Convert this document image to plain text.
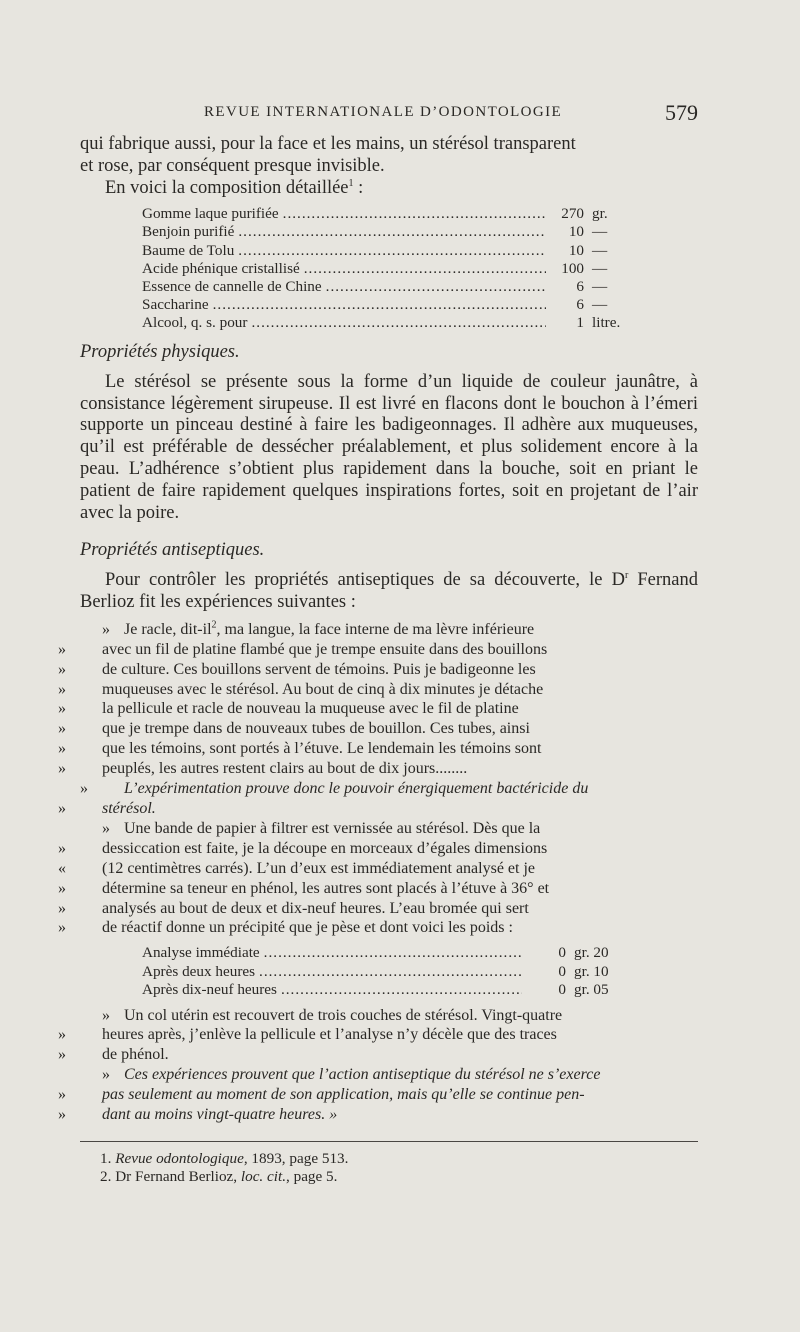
REVUE INTERNATIONALE D’ODONTOLOGIE	579

qui fabrique aussi, pour la face et les mains, un stérésol transparent

et rose, par conséquent presque invisible.

En voici la composition détaillée$^1$ :

Gomme laque purifiée .....	270 gr.
Benjoin purifié .....	10 —
Baume de Tolu .....	10 —
Acide phénique cristallisé .....	100 —
Essence de cannelle de Chine .....	6 —
Saccharine .....	6 —
Alcool, q. s. pour .....	1 litre.

Propriétés physiques.

Le stérésol se présente sous la forme d’un liquide de couleur jaunâtre, à consistance légèrement sirupeuse. Il est livré en flacons dont le bouchon à l’émeri supporte un pinceau destiné à faire les badigeonnages. Il adhère aux muqueuses, qu’il est préférable de dessécher préalablement, et plus solidement encore à la peau. L’adhérence s’obtient plus rapidement dans la bouche, soit en priant le patient de faire rapidement quelques inspirations fortes, soit en projetant de l’air avec la poire.

Propriétés antiseptiques.

Pour contrôler les propriétés antiseptiques de sa découverte, le $D^r$ Fernand Berlioz fit les expériences suivantes :

» Je racle, dit-$il^2$, ma langue, la face interne de ma lèvre inférieure
» avec un fil de platine flambé que je trempe ensuite dans des bouillons
» de culture. Ces bouillons servent de témoins. Puis je badigeonne les
» muqueuses avec le stérésol. Au bout de cinq à dix minutes je détache
» la pellicule et racle de nouveau la muqueuse avec le fil de platine
» que je trempe dans de nouveaux tubes de bouillon. Ces tubes, ainsi
» que les témoins, sont portés à l’étuve. Le lendemain les témoins sont
» peuplés, les autres restent clairs au bout de dix jours........
» L’expérimentation prouve donc le pouvoir énergiquement bactéricide du
» stérésol.
» Une bande de papier à filtrer est vernissée au stérésol. Dès que la
» dessiccation est faite, je la découpe en morceaux d’égales dimensions
« (12 centimètres carrés). L’un d’eux est immédiatement analysé et je
» détermine sa teneur en phénol, les autres sont placés à l’étuve à 36° et
» analysés au bout de deux et dix-neuf heures. L’eau bromée qui sert
» de réactif donne un précipité que je pèse et dont voici les poids :
Analyse immédiate .....	0 gr. 20
Après deux heures .....	0 gr. 10
Après dix-neuf heures .....	0 gr. 05
» Un col utérin est recouvert de trois couches de stérésol. Vingt-quatre
» heures après, j’enlève la pellicule et l’analyse n’y décèle que des traces
» de phénol.
» Ces expériences prouvent que l’action antiseptique du stérésol ne s’exerce
» pas seulement au moment de son application, mais qu’elle se continue pen-
» dant au moins vingt-quatre heures. »
1. Revue odontologique, 1893, page 513.
2. Dr Fernand Berlioz, loc. cit., page 5.
